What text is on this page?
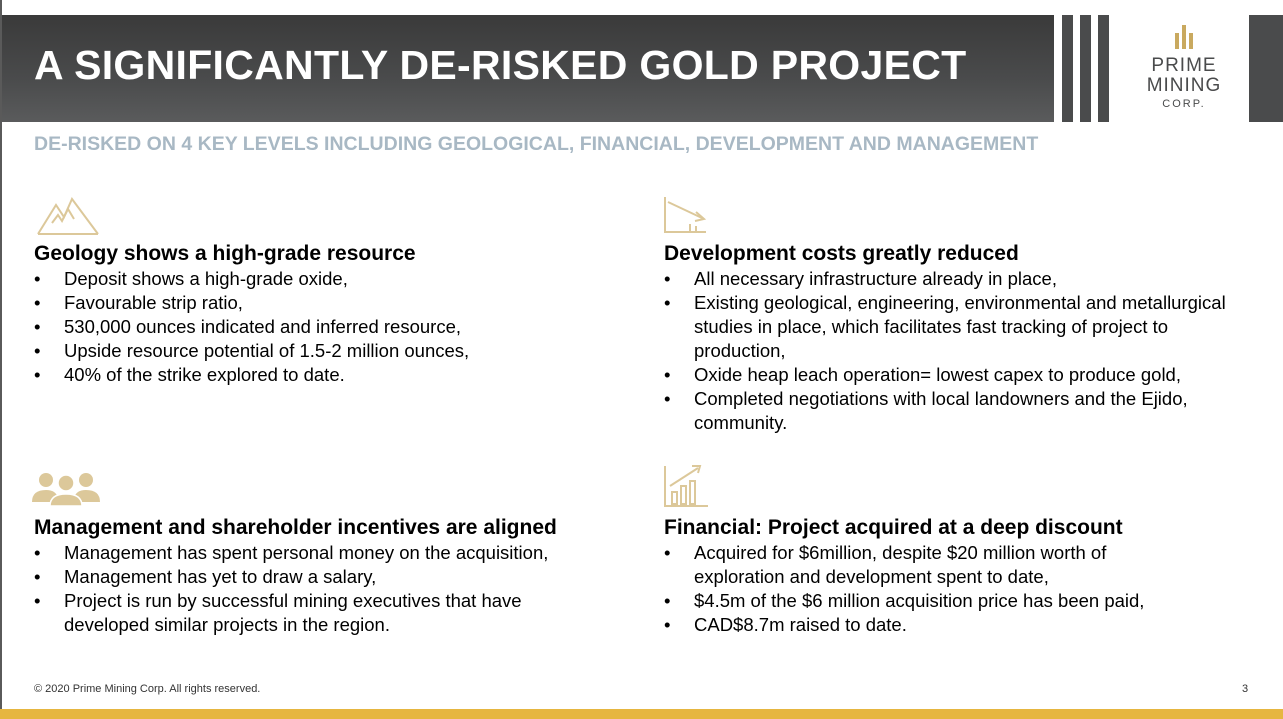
A SIGNIFICANTLY DE-RISKED GOLD PROJECT	PRIME
MINING
CORP.
DE-RISKED ON 4 KEY LEVELS INCLUDING GEOLOGICAL, FINANCIAL, DEVELOPMENT AND MANAGEMENT
Geology shows a high-grade resource
• Deposit shows a high-grade oxide,
• Favourable strip ratio,
• 530,000 ounces indicated and inferred resource,
• Upside resource potential of 1.5-2 million ounces,
• 40% of the strike explored to date.
Development costs greatly reduced
• All necessary infrastructure already in place,
• Existing geological, engineering, environmental and metallurgical studies in place, which facilitates fast tracking of project to production,
• Oxide heap leach operation= lowest capex to produce gold,
• Completed negotiations with local landowners and the Ejido, community.
Management and shareholder incentives are aligned
• Management has spent personal money on the acquisition,
• Management has yet to draw a salary,
• Project is run by successful mining executives that have developed similar projects in the region.
Financial: Project acquired at a deep discount
• Acquired for $6million, despite $20 million worth of exploration and development spent to date,
• $4.5m of the $6 million acquisition price has been paid,
• CAD$8.7m raised to date.
© 2020 Prime Mining Corp. All rights reserved.	3
